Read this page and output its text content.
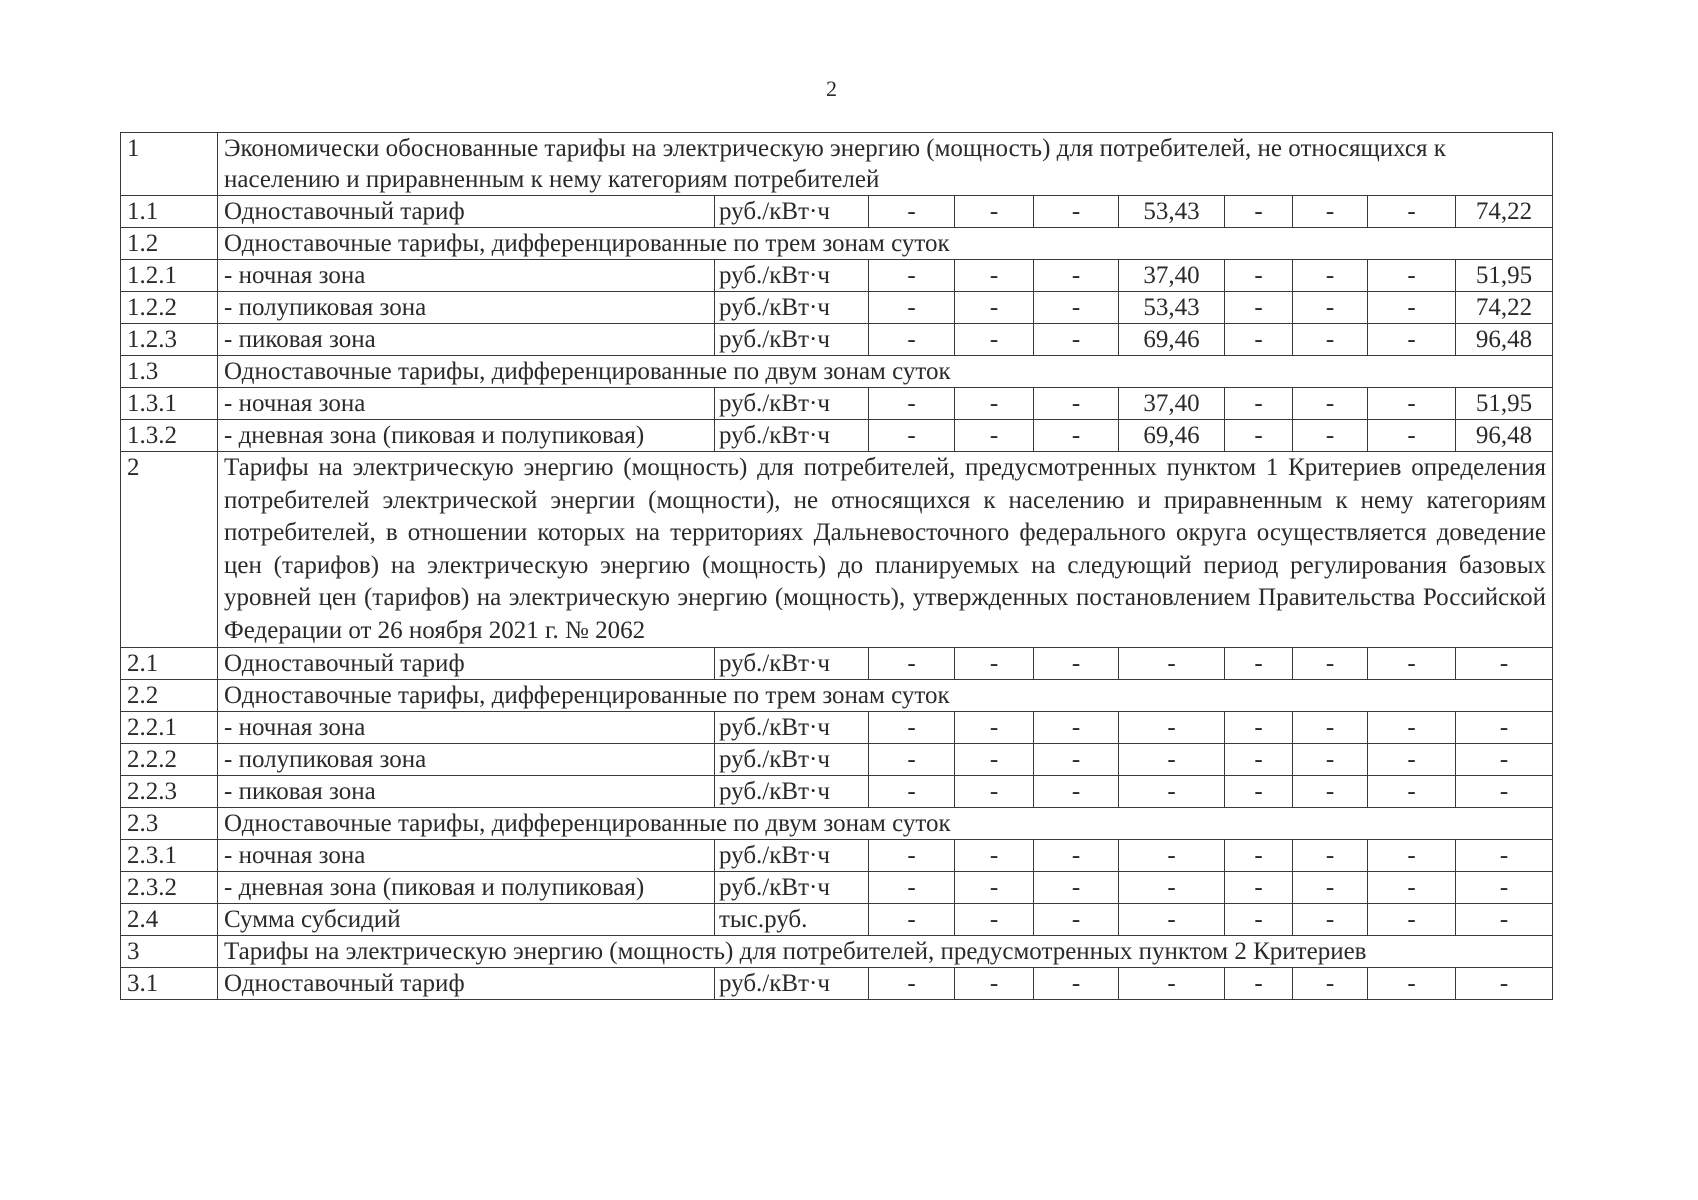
2
1	Экономически обоснованные тарифы на электрическую энергию (мощность) для потребителей, не относящихся к населению и приравненным к нему категориям потребителей									
1.1	Одноставочный тариф	руб./кВт·ч	-	-	-	53,43	-	-	-	74,22
1.2	Одноставочные тарифы, дифференцированные по трем зонам суток									
1.2.1	- ночная зона	руб./кВт·ч	-	-	-	37,40	-	-	-	51,95
1.2.2	- полупиковая зона	руб./кВт·ч	-	-	-	53,43	-	-	-	74,22
1.2.3	- пиковая зона	руб./кВт·ч	-	-	-	69,46	-	-	-	96,48
1.3	Одноставочные тарифы, дифференцированные по двум зонам суток									
1.3.1	- ночная зона	руб./кВт·ч	-	-	-	37,40	-	-	-	51,95
1.3.2	- дневная зона (пиковая и полупиковая)	руб./кВт·ч	-	-	-	69,46	-	-	-	96,48
2	Тарифы на электрическую энергию (мощность) для потребителей, предусмотренных пунктом 1 Критериев определения потребителей электрической энергии (мощности), не относящихся к населению и приравненным к нему категориям потребителей, в отношении которых на территориях Дальневосточного федерального округа осуществляется доведение цен (тарифов) на электрическую энергию (мощность) до планируемых на следующий период регулирования базовых уровней цен (тарифов) на электрическую энергию (мощность), утвержденных постановлением Правительства Российской Федерации от 26 ноября 2021 г. № 2062									
2.1	Одноставочный тариф	руб./кВт·ч	-	-	-	-	-	-	-	-
2.2	Одноставочные тарифы, дифференцированные по трем зонам суток									
2.2.1	- ночная зона	руб./кВт·ч	-	-	-	-	-	-	-	-
2.2.2	- полупиковая зона	руб./кВт·ч	-	-	-	-	-	-	-	-
2.2.3	- пиковая зона	руб./кВт·ч	-	-	-	-	-	-	-	-
2.3	Одноставочные тарифы, дифференцированные по двум зонам суток									
2.3.1	- ночная зона	руб./кВт·ч	-	-	-	-	-	-	-	-
2.3.2	- дневная зона (пиковая и полупиковая)	руб./кВт·ч	-	-	-	-	-	-	-	-
2.4	Сумма субсидий	тыс.руб.	-	-	-	-	-	-	-	-
3	Тарифы на электрическую энергию (мощность) для потребителей, предусмотренных пунктом 2 Критериев									
3.1	Одноставочный тариф	руб./кВт·ч	-	-	-	-	-	-	-	-
